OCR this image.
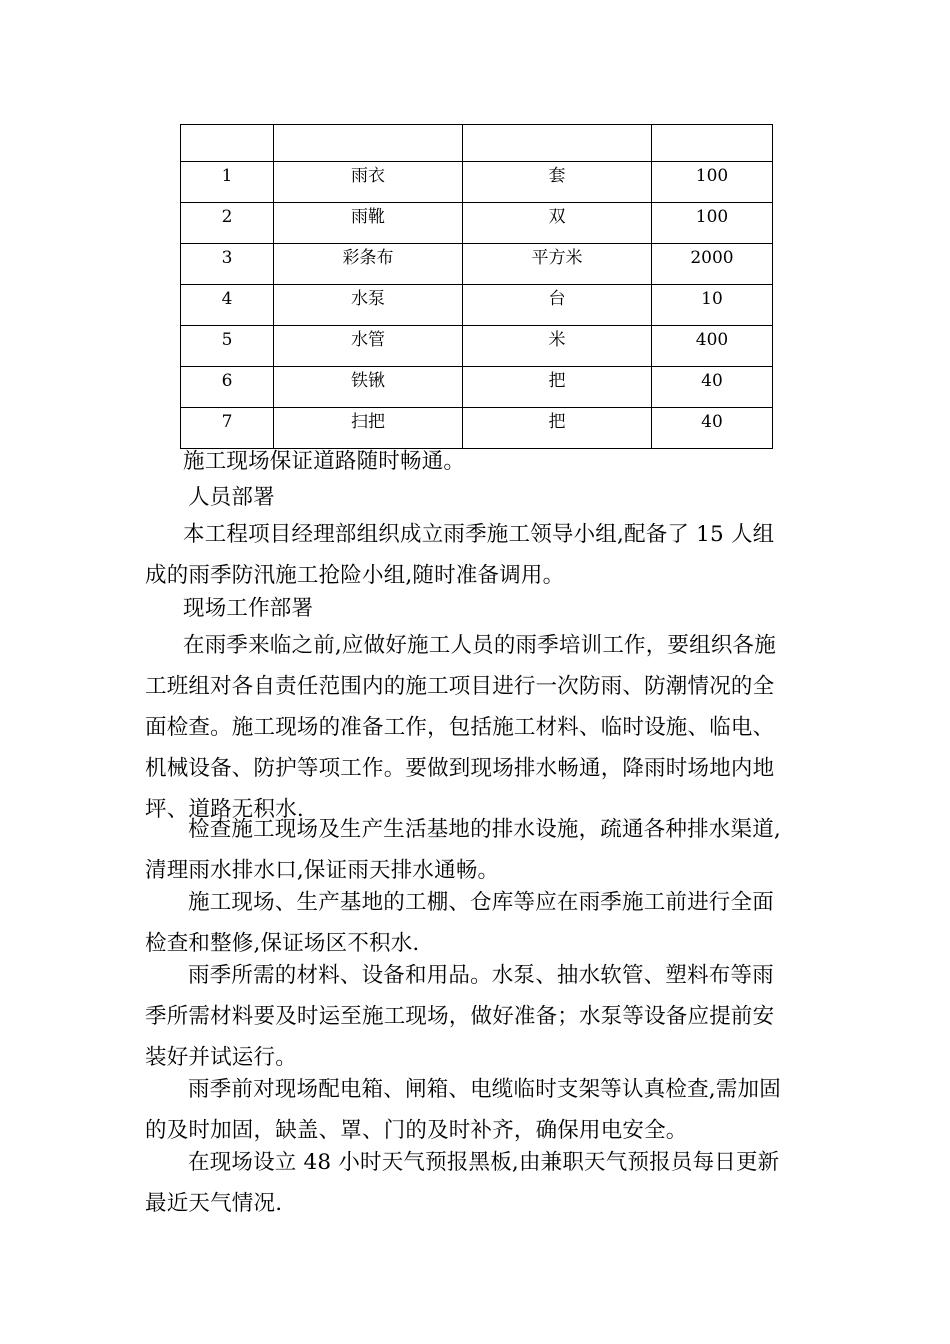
1	雨衣	套	100
2	雨靴	双	100
3	彩条布	平方米	2000
4	水泵	台	10
5	水管	米	400
6	铁锹	把	40
7	扫把	把	40
施工现场保证道路随时畅通。
人员部署
本工程项目经理部组织成立雨季施工领导小组,配备了 15 人组
成的雨季防汛施工抢险小组,随时准备调用。
现场工作部署
在雨季来临之前,应做好施工人员的雨季培训工作，要组织各施
工班组对各自责任范围内的施工项目进行一次防雨、防潮情况的全
面检查。施工现场的准备工作，包括施工材料、临时设施、临电、
机械设备、防护等项工作。要做到现场排水畅通，降雨时场地内地
坪、道路无积水.
检查施工现场及生产生活基地的排水设施，疏通各种排水渠道,
清理雨水排水口,保证雨天排水通畅。
施工现场、生产基地的工棚、仓库等应在雨季施工前进行全面
检查和整修,保证场区不积水.
雨季所需的材料、设备和用品。水泵、抽水软管、塑料布等雨
季所需材料要及时运至施工现场，做好准备；水泵等设备应提前安
装好并试运行。
雨季前对现场配电箱、闸箱、电缆临时支架等认真检查,需加固
的及时加固，缺盖、罩、门的及时补齐，确保用电安全。
在现场设立 48 小时天气预报黑板,由兼职天气预报员每日更新
最近天气情况.
